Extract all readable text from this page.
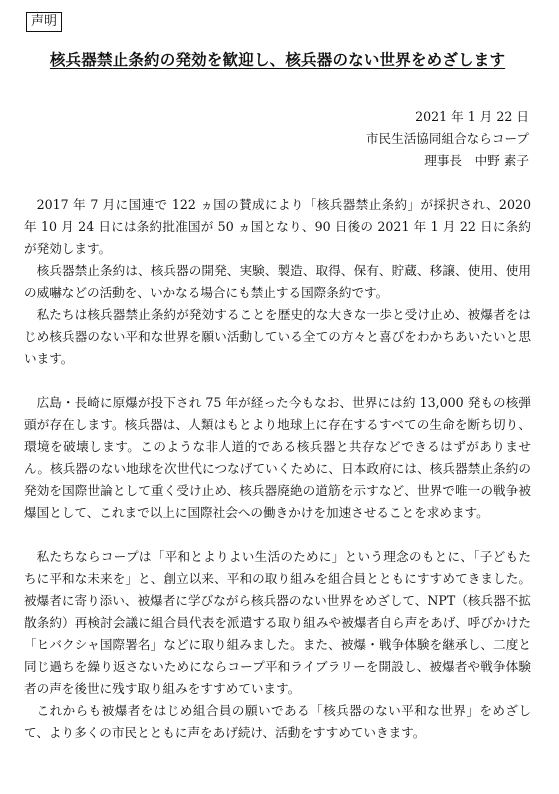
声明
核兵器禁止条約の発効を歓迎し、核兵器のない世界をめざします
2021 年 1 月 22 日
市民生活協同組合ならコープ
理事長　中野 素子

2017 年 7 月に国連で 122 ヵ国の賛成により「核兵器禁止条約」が採択され、2020 年 10 月 24 日には条約批准国が 50 ヵ国となり、90 日後の 2021 年 1 月 22 日に条約が発効します。

核兵器禁止条約は、核兵器の開発、実験、製造、取得、保有、貯蔵、移譲、使用、使用の威嚇などの活動を、いかなる場合にも禁止する国際条約です。

私たちは核兵器禁止条約が発効することを歴史的な大きな一歩と受け止め、被爆者をはじめ核兵器のない平和な世界を願い活動している全ての方々と喜びをわかちあいたいと思います。

広島・長崎に原爆が投下され 75 年が経った今もなお、世界には約 13,000 発もの核弾頭が存在します。核兵器は、人類はもとより地球上に存在するすべての生命を断ち切り、環境を破壊します。このような非人道的である核兵器と共存などできるはずがありません。核兵器のない地球を次世代につなげていくために、日本政府には、核兵器禁止条約の発効を国際世論として重く受け止め、核兵器廃絶の道筋を示すなど、世界で唯一の戦争被爆国として、これまで以上に国際社会への働きかけを加速させることを求めます。

私たちならコープは「平和とよりよい生活のために」という理念のもとに、「子どもたちに平和な未来を」と、創立以来、平和の取り組みを組合員とともにすすめてきました。被爆者に寄り添い、被爆者に学びながら核兵器のない世界をめざして、NPT（核兵器不拡散条約）再検討会議に組合員代表を派遣する取り組みや被爆者自ら声をあげ、呼びかけた「ヒバクシャ国際署名」などに取り組みました。また、被爆・戦争体験を継承し、二度と同じ過ちを繰り返さないためにならコープ平和ライブラリーを開設し、被爆者や戦争体験者の声を後世に残す取り組みをすすめています。

これからも被爆者をはじめ組合員の願いである「核兵器のない平和な世界」をめざして、より多くの市民とともに声をあげ続け、活動をすすめていきます。
